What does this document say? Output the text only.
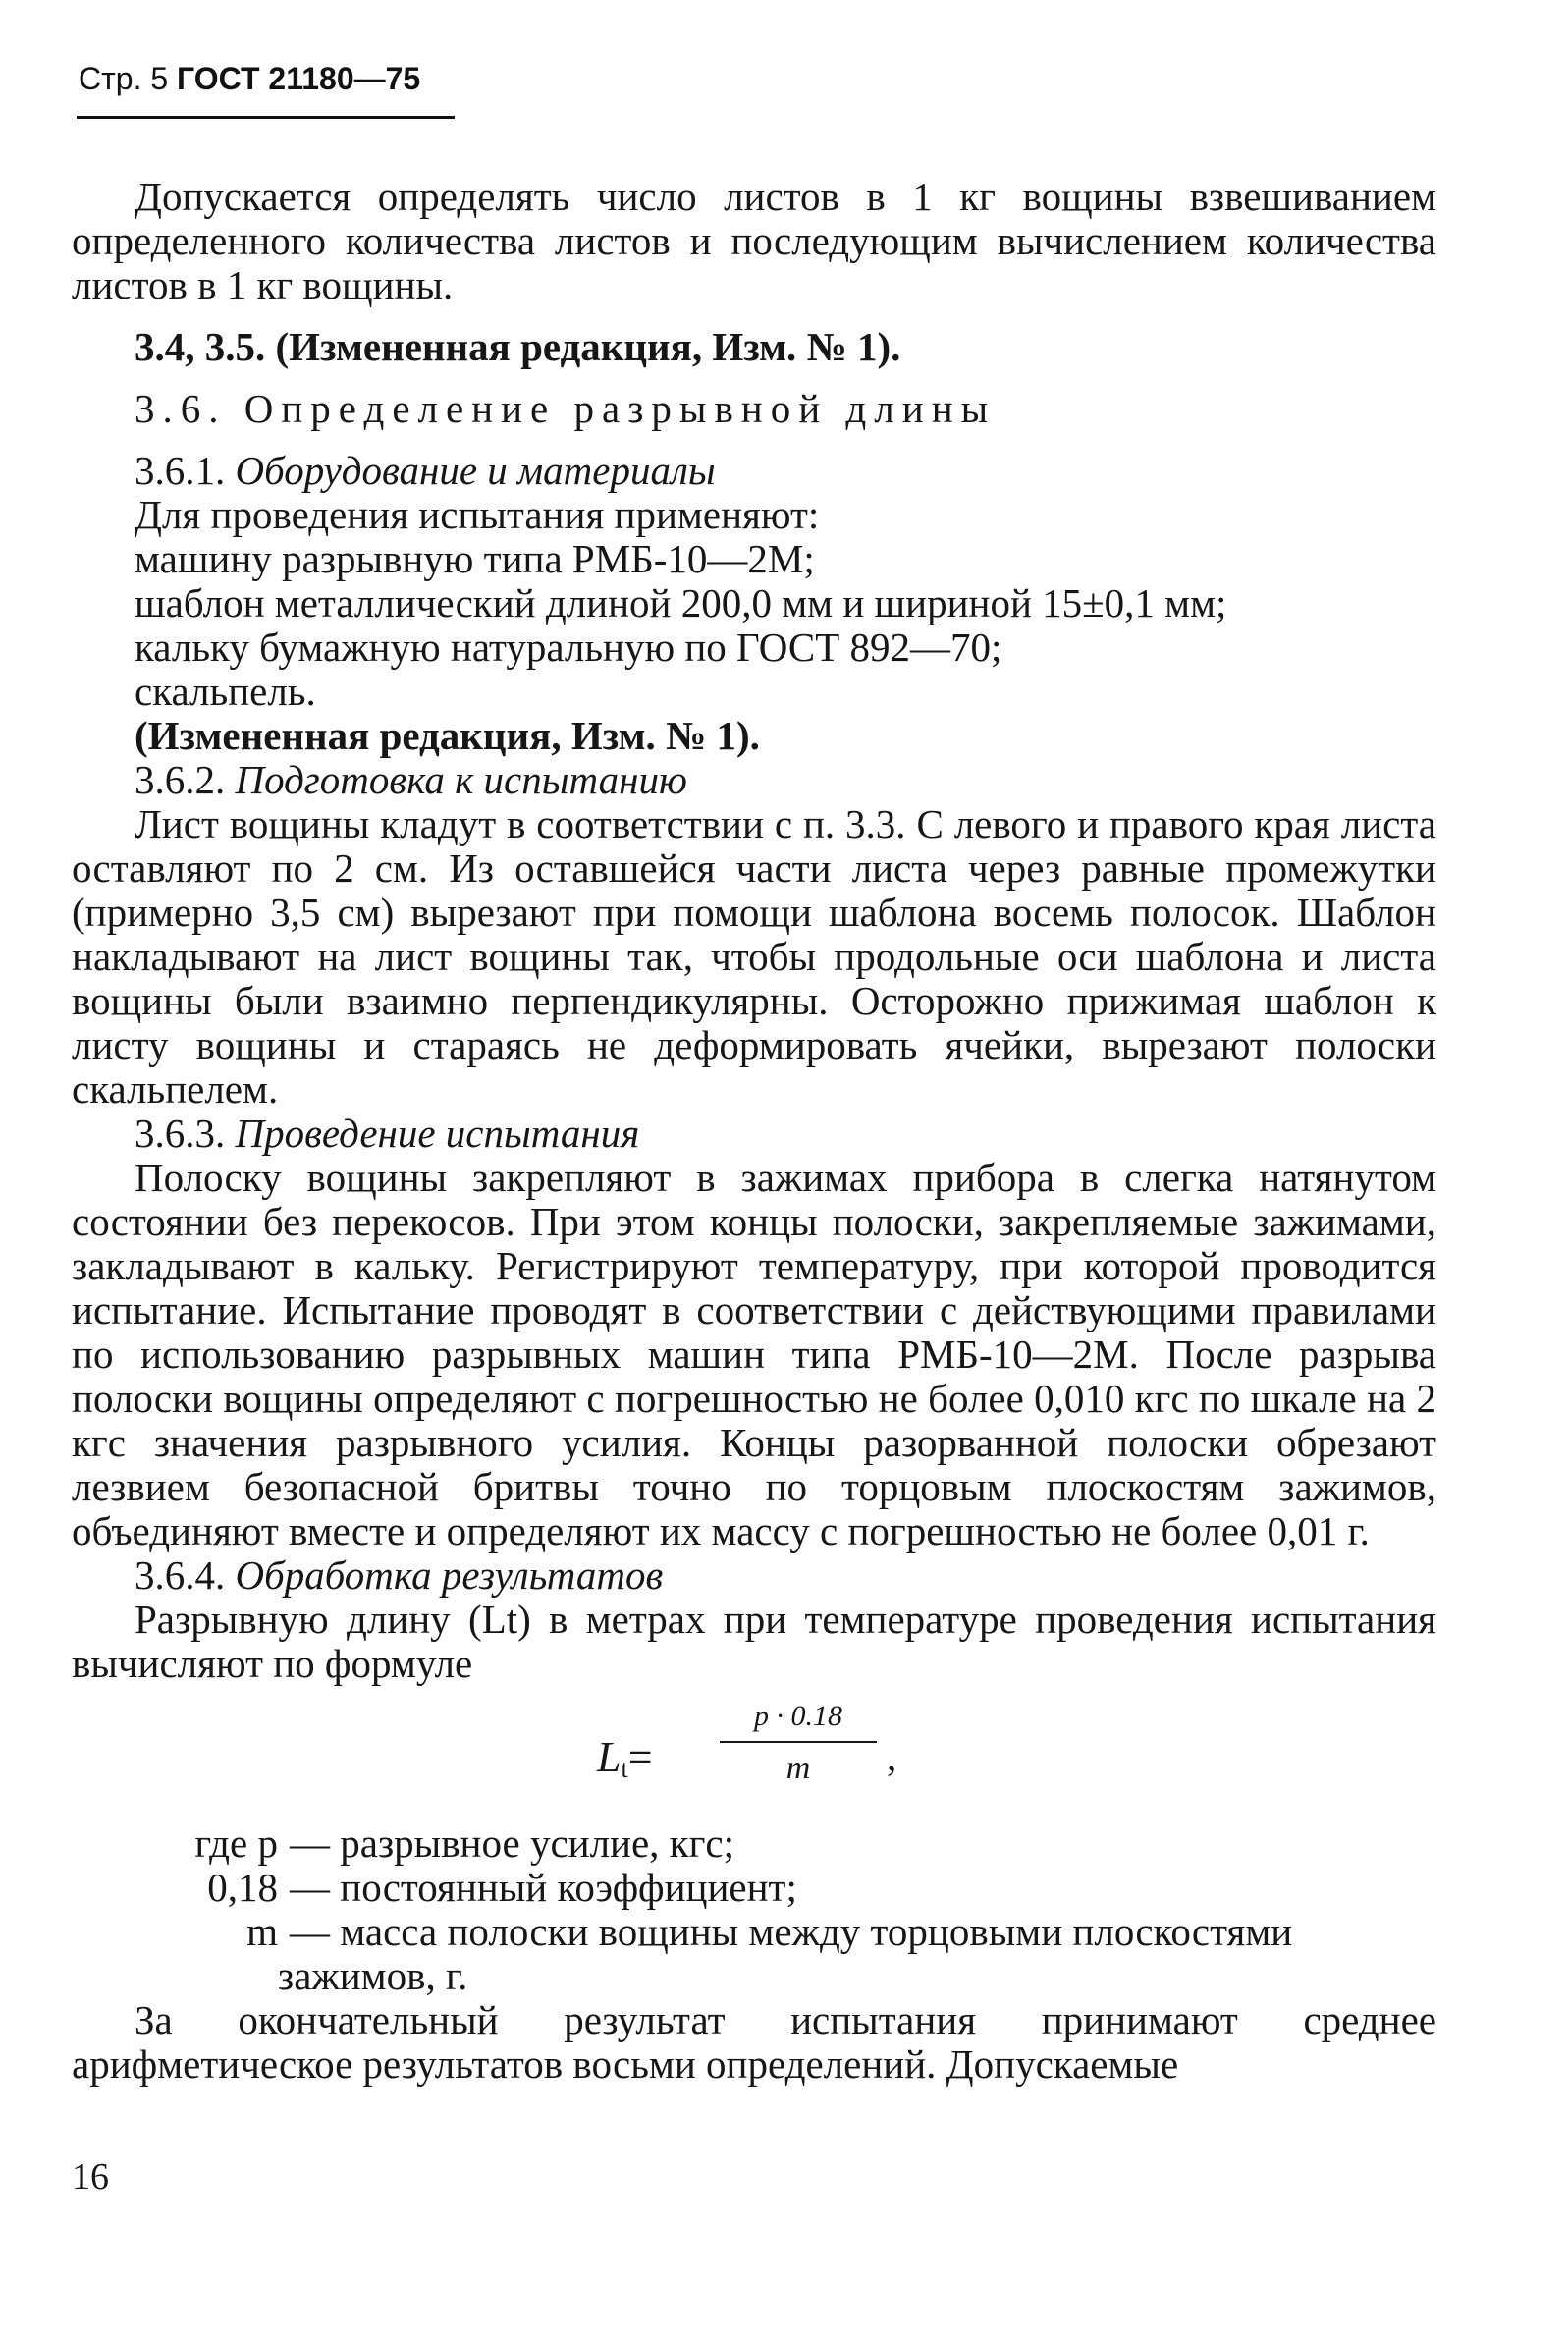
Стр. 5 ГОСТ 21180—75

Допускается определять число листов в 1 кг вощины взвешиванием определенного количества листов и последующим вычислением количества листов в 1 кг вощины.

3.4, 3.5. (Измененная редакция, Изм. № 1).

3.6. Определение разрывной длины

3.6.1. Оборудование и материалы

Для проведения испытания применяют:

машину разрывную типа РМБ-10—2М;

шаблон металлический длиной 200,0 мм и шириной 15±0,1 мм;

кальку бумажную натуральную по ГОСТ 892—70;

скальпель.

(Измененная редакция, Изм. № 1).

3.6.2. Подготовка к испытанию

Лист вощины кладут в соответствии с п. 3.3. С левого и правого края листа оставляют по 2 см. Из оставшейся части листа через равные промежутки (примерно 3,5 см) вырезают при помощи шаблона восемь полосок. Шаблон накладывают на лист вощины так, чтобы продольные оси шаблона и листа вощины были взаимно перпендикулярны. Осторожно прижимая шаблон к листу вощины и стараясь не деформировать ячейки, вырезают полоски скальпелем.

3.6.3. Проведение испытания

Полоску вощины закрепляют в зажимах прибора в слегка натянутом состоянии без перекосов. При этом концы полоски, закрепляемые зажимами, закладывают в кальку. Регистрируют температуру, при которой проводится испытание. Испытание проводят в соответствии с действующими правилами по использованию разрывных машин типа РМБ-10—2М. После разрыва полоски вощины определяют с погрешностью не более 0,010 кгс по шкале на 2 кгс значения разрывного усилия. Концы разорванной полоски обрезают лезвием безопасной бритвы точно по торцовым плоскостям зажимов, объединяют вместе и определяют их массу с погрешностью не более 0,01 г.

3.6.4. Обработка результатов

Разрывную длину (Lt) в метрах при температуре проведения испытания вычисляют по формуле

$L_t=$
p · 0.18
m	,
где p — разрывное усилие, кгс;
0,18 — постоянный коэффициент;
m — масса полоски вощины между торцовыми плоскостями
зажимов, г.

За окончательный результат испытания принимают среднее арифметическое результатов восьми определений. Допускаемые

16
